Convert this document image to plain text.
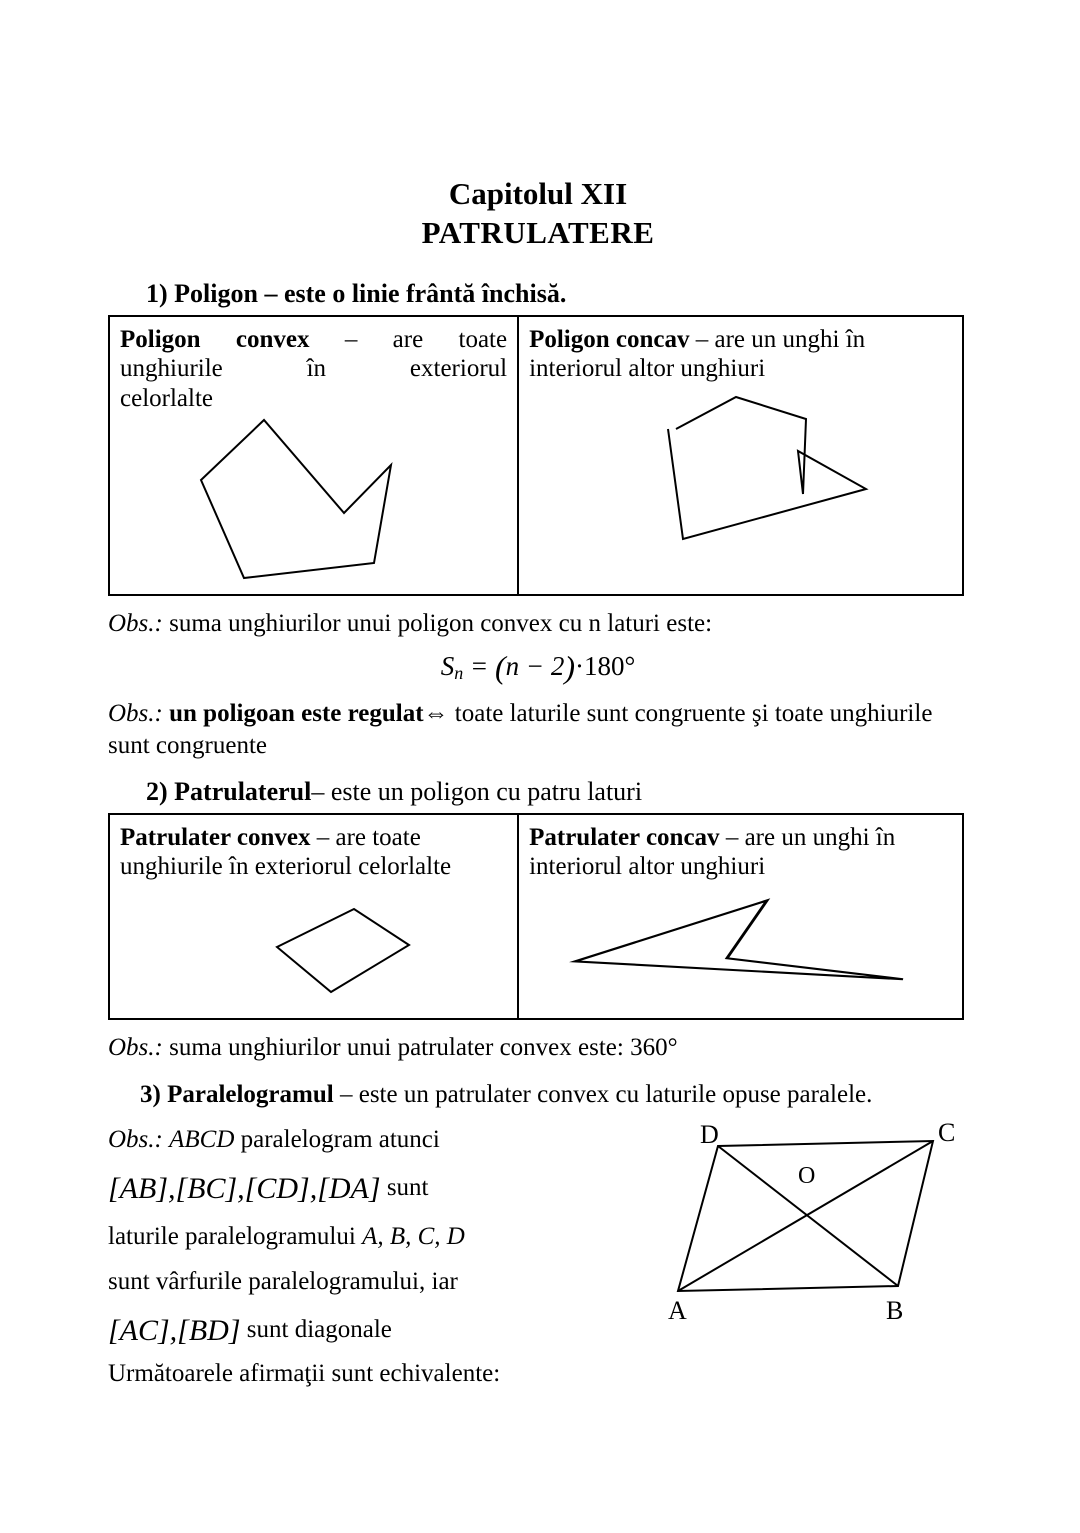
Capitolul XII
PATRULATERE
1) Poligon – este o linie frântă închisă.
Poligon convex – are toate
unghiurile	în	exteriorul
celorlalte
Poligon concav – are un unghi în interiorul altor unghiuri
Obs.: suma unghiurilor unui poligon convex cu n laturi este:
$S_n = (n - 2)\cdot 180^\circ$
Obs.: un poligoan este regulat⇔ toate laturile sunt congruente şi toate unghiurile sunt congruente
2) Patrulaterul– este un poligon cu patru laturi
Patrulater convex – are toate unghiurile în exteriorul celorlalte
Patrulater concav – are un unghi în interiorul altor unghiuri
Obs.: suma unghiurilor unui patrulater convex este: 360°
3) Paralelogramul – este un patrulater convex cu laturile opuse paralele.
Obs.: ABCD paralelogram atunci
[AB],[BC],[CD],[DA] sunt
laturile paralelogramului A, B, C, D
sunt vârfurile paralelogramului, iar
[AC],[BD] sunt diagonale
D	C
O
A	B
Următoarele afirmaţii sunt echivalente:
